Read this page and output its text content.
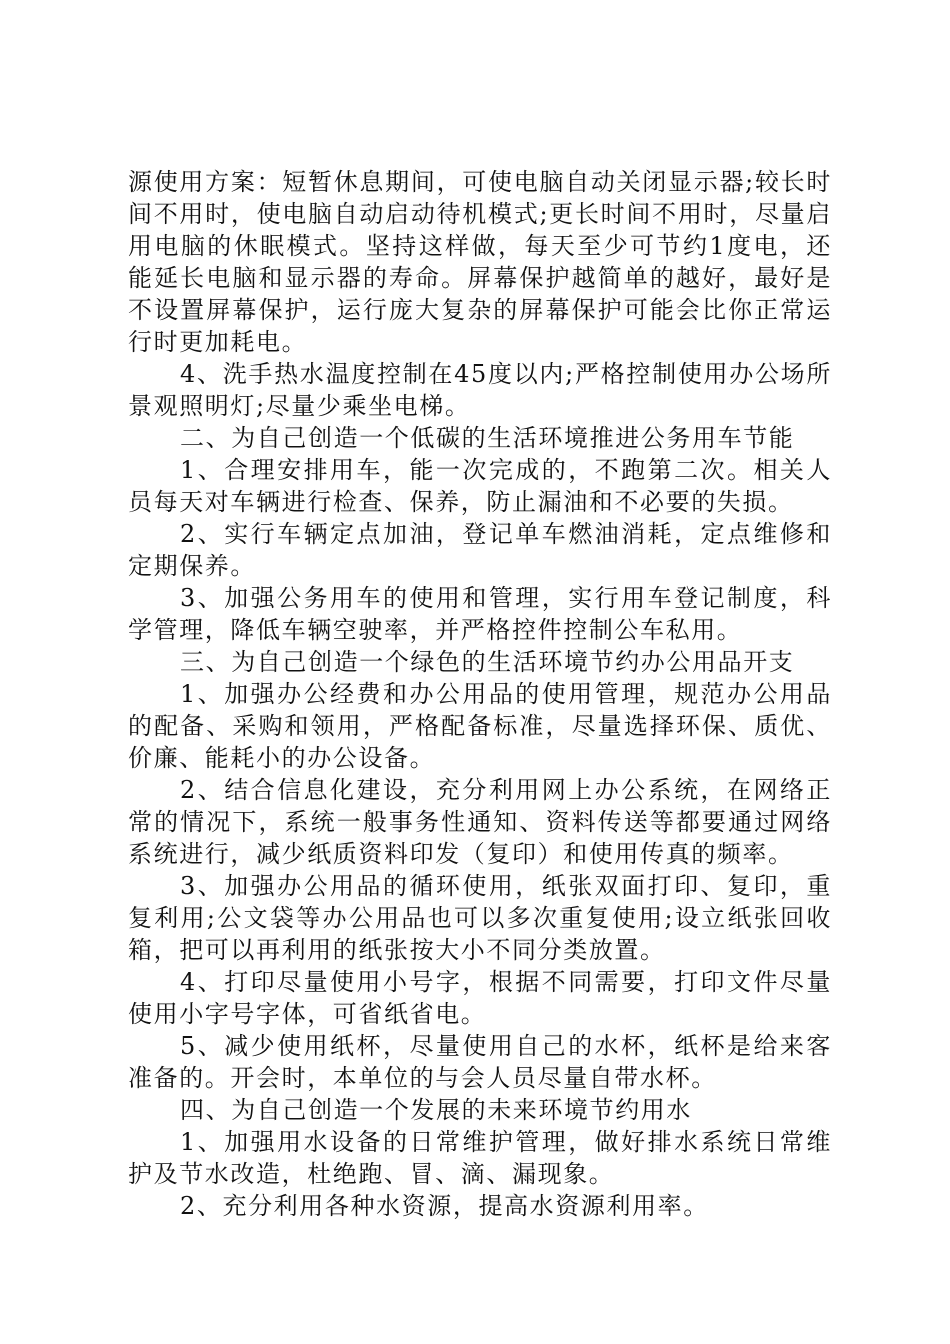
源使用方案：短暂休息期间，可使电脑自动关闭显示器;较长时间不用时，使电脑自动启动待机模式;更长时间不用时，尽量启用电脑的休眠模式。坚持这样做，每天至少可节约1度电，还能延长电脑和显示器的寿命。屏幕保护越简单的越好，最好是不设置屏幕保护，运行庞大复杂的屏幕保护可能会比你正常运行时更加耗电。

4、洗手热水温度控制在45度以内;严格控制使用办公场所景观照明灯;尽量少乘坐电梯。

二、为自己创造一个低碳的生活环境推进公务用车节能

1、合理安排用车，能一次完成的，不跑第二次。相关人员每天对车辆进行检查、保养，防止漏油和不必要的失损。

2、实行车辆定点加油，登记单车燃油消耗，定点维修和定期保养。

3、加强公务用车的使用和管理，实行用车登记制度，科学管理，降低车辆空驶率，并严格控件控制公车私用。

三、为自己创造一个绿色的生活环境节约办公用品开支

1、加强办公经费和办公用品的使用管理，规范办公用品的配备、采购和领用，严格配备标准，尽量选择环保、质优、价廉、能耗小的办公设备。

2、结合信息化建设，充分利用网上办公系统，在网络正常的情况下，系统一般事务性通知、资料传送等都要通过网络系统进行，减少纸质资料印发（复印）和使用传真的频率。

3、加强办公用品的循环使用，纸张双面打印、复印，重复利用;公文袋等办公用品也可以多次重复使用;设立纸张回收箱，把可以再利用的纸张按大小不同分类放置。

4、打印尽量使用小号字，根据不同需要，打印文件尽量使用小字号字体，可省纸省电。

5、减少使用纸杯，尽量使用自己的水杯，纸杯是给来客准备的。开会时，本单位的与会人员尽量自带水杯。

四、为自己创造一个发展的未来环境节约用水

1、加强用水设备的日常维护管理，做好排水系统日常维护及节水改造，杜绝跑、冒、滴、漏现象。

2、充分利用各种水资源，提高水资源利用率。
